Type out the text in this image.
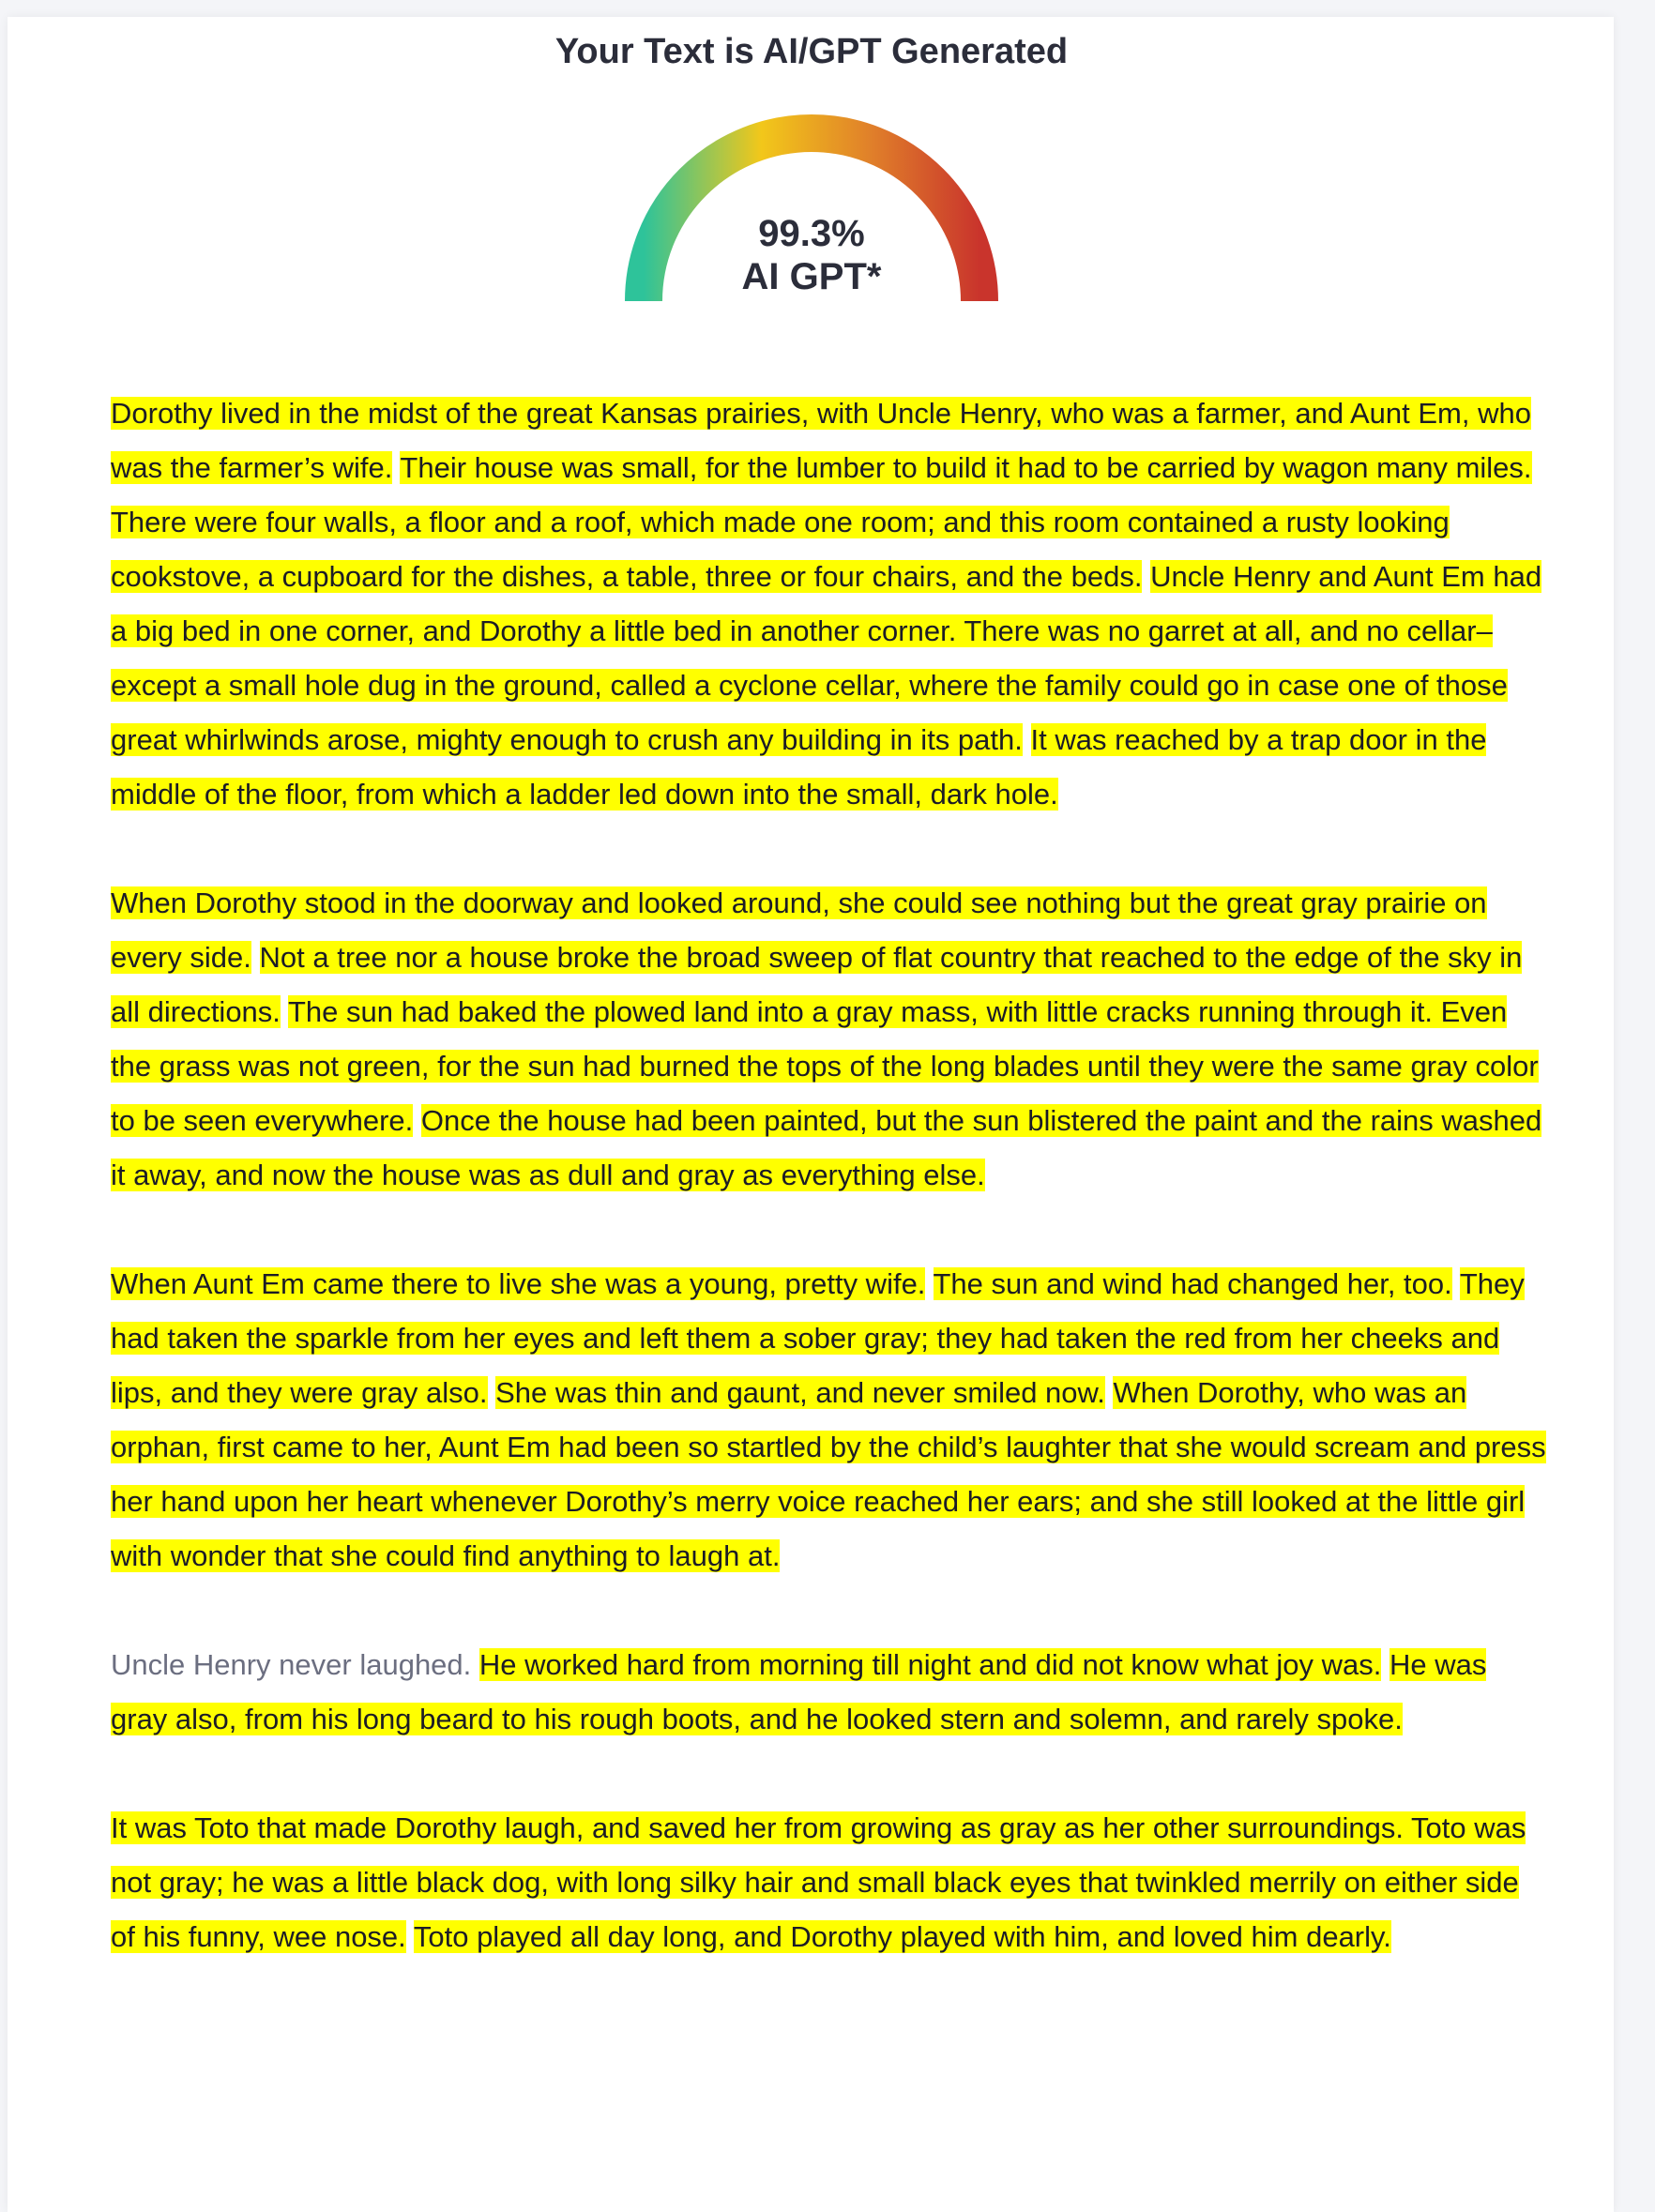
Your Text is AI/GPT Generated
99.3%
AI GPT*

Dorothy lived in the midst of the great Kansas prairies, with Uncle Henry, who was a farmer, and Aunt Em, who was the farmer’s wife. Their house was small, for the lumber to build it had to be carried by wagon many miles. There were four walls, a floor and a roof, which made one room; and this room contained a rusty looking cookstove, a cupboard for the dishes, a table, three or four chairs, and the beds. Uncle Henry and Aunt Em had a big bed in one corner, and Dorothy a little bed in another corner. There was no garret at all, and no cellar–except a small hole dug in the ground, called a cyclone cellar, where the family could go in case one of those great whirlwinds arose, mighty enough to crush any building in its path. It was reached by a trap door in the middle of the floor, from which a ladder led down into the small, dark hole.

When Dorothy stood in the doorway and looked around, she could see nothing but the great gray prairie on every side. Not a tree nor a house broke the broad sweep of flat country that reached to the edge of the sky in all directions. The sun had baked the plowed land into a gray mass, with little cracks running through it. Even the grass was not green, for the sun had burned the tops of the long blades until they were the same gray color to be seen everywhere. Once the house had been painted, but the sun blistered the paint and the rains washed it away, and now the house was as dull and gray as everything else.

When Aunt Em came there to live she was a young, pretty wife. The sun and wind had changed her, too. They had taken the sparkle from her eyes and left them a sober gray; they had taken the red from her cheeks and lips, and they were gray also. She was thin and gaunt, and never smiled now. When Dorothy, who was an orphan, first came to her, Aunt Em had been so startled by the child’s laughter that she would scream and press her hand upon her heart whenever Dorothy’s merry voice reached her ears; and she still looked at the little girl with wonder that she could find anything to laugh at.

Uncle Henry never laughed. He worked hard from morning till night and did not know what joy was. He was gray also, from his long beard to his rough boots, and he looked stern and solemn, and rarely spoke.

It was Toto that made Dorothy laugh, and saved her from growing as gray as her other surroundings. Toto was not gray; he was a little black dog, with long silky hair and small black eyes that twinkled merrily on either side of his funny, wee nose. Toto played all day long, and Dorothy played with him, and loved him dearly.
